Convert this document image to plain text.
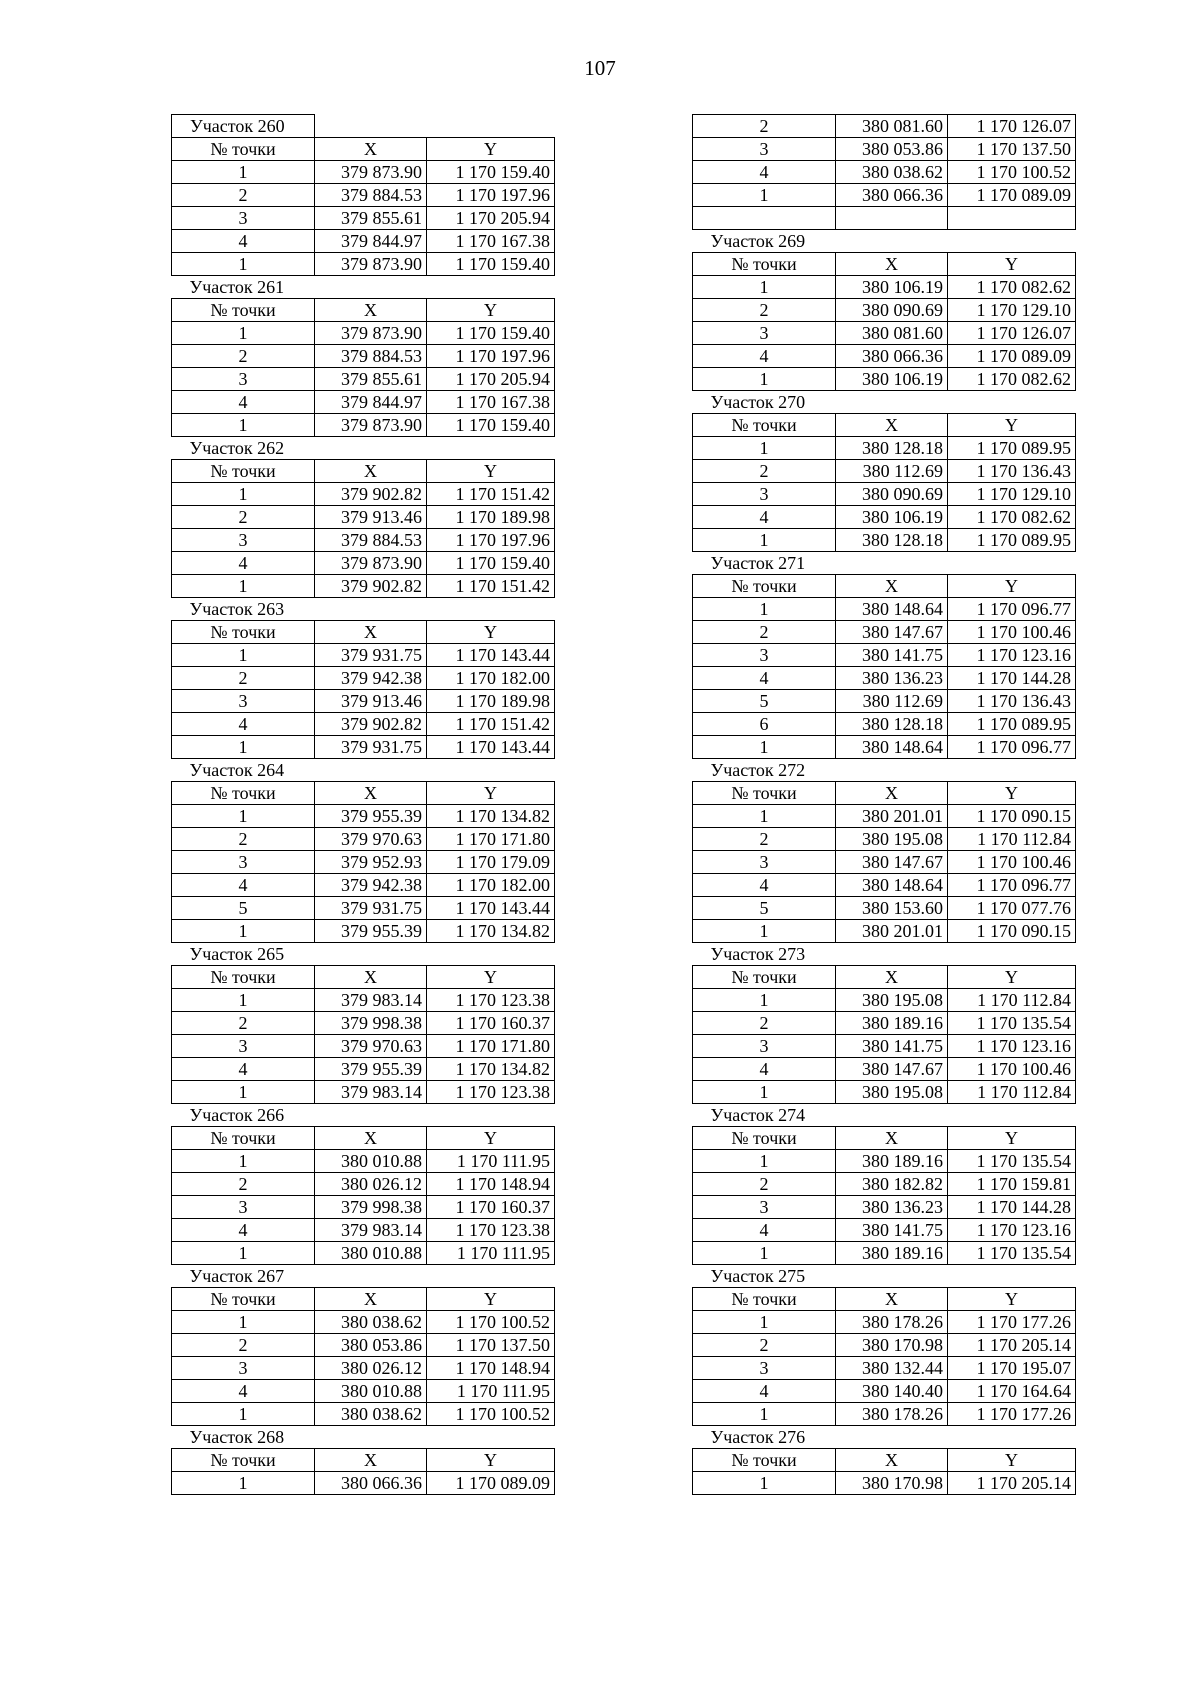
107
Участок 260		
№ точки	X	Y
1	379 873.90	1 170 159.40
2	379 884.53	1 170 197.96
3	379 855.61	1 170 205.94
4	379 844.97	1 170 167.38
1	379 873.90	1 170 159.40
Участок 261		
№ точки	X	Y
1	379 873.90	1 170 159.40
2	379 884.53	1 170 197.96
3	379 855.61	1 170 205.94
4	379 844.97	1 170 167.38
1	379 873.90	1 170 159.40
Участок 262		
№ точки	X	Y
1	379 902.82	1 170 151.42
2	379 913.46	1 170 189.98
3	379 884.53	1 170 197.96
4	379 873.90	1 170 159.40
1	379 902.82	1 170 151.42
Участок 263		
№ точки	X	Y
1	379 931.75	1 170 143.44
2	379 942.38	1 170 182.00
3	379 913.46	1 170 189.98
4	379 902.82	1 170 151.42
1	379 931.75	1 170 143.44
Участок 264		
№ точки	X	Y
1	379 955.39	1 170 134.82
2	379 970.63	1 170 171.80
3	379 952.93	1 170 179.09
4	379 942.38	1 170 182.00
5	379 931.75	1 170 143.44
1	379 955.39	1 170 134.82
Участок 265		
№ точки	X	Y
1	379 983.14	1 170 123.38
2	379 998.38	1 170 160.37
3	379 970.63	1 170 171.80
4	379 955.39	1 170 134.82
1	379 983.14	1 170 123.38
Участок 266		
№ точки	X	Y
1	380 010.88	1 170 111.95
2	380 026.12	1 170 148.94
3	379 998.38	1 170 160.37
4	379 983.14	1 170 123.38
1	380 010.88	1 170 111.95
Участок 267		
№ точки	X	Y
1	380 038.62	1 170 100.52
2	380 053.86	1 170 137.50
3	380 026.12	1 170 148.94
4	380 010.88	1 170 111.95
1	380 038.62	1 170 100.52
Участок 268		
№ точки	X	Y
1	380 066.36	1 170 089.09
2	380 081.60	1 170 126.07
3	380 053.86	1 170 137.50
4	380 038.62	1 170 100.52
1	380 066.36	1 170 089.09

Участок 269		
№ точки	X	Y
1	380 106.19	1 170 082.62
2	380 090.69	1 170 129.10
3	380 081.60	1 170 126.07
4	380 066.36	1 170 089.09
1	380 106.19	1 170 082.62
Участок 270		
№ точки	X	Y
1	380 128.18	1 170 089.95
2	380 112.69	1 170 136.43
3	380 090.69	1 170 129.10
4	380 106.19	1 170 082.62
1	380 128.18	1 170 089.95
Участок 271		
№ точки	X	Y
1	380 148.64	1 170 096.77
2	380 147.67	1 170 100.46
3	380 141.75	1 170 123.16
4	380 136.23	1 170 144.28
5	380 112.69	1 170 136.43
6	380 128.18	1 170 089.95
1	380 148.64	1 170 096.77
Участок 272		
№ точки	X	Y
1	380 201.01	1 170 090.15
2	380 195.08	1 170 112.84
3	380 147.67	1 170 100.46
4	380 148.64	1 170 096.77
5	380 153.60	1 170 077.76
1	380 201.01	1 170 090.15
Участок 273		
№ точки	X	Y
1	380 195.08	1 170 112.84
2	380 189.16	1 170 135.54
3	380 141.75	1 170 123.16
4	380 147.67	1 170 100.46
1	380 195.08	1 170 112.84
Участок 274		
№ точки	X	Y
1	380 189.16	1 170 135.54
2	380 182.82	1 170 159.81
3	380 136.23	1 170 144.28
4	380 141.75	1 170 123.16
1	380 189.16	1 170 135.54
Участок 275		
№ точки	X	Y
1	380 178.26	1 170 177.26
2	380 170.98	1 170 205.14
3	380 132.44	1 170 195.07
4	380 140.40	1 170 164.64
1	380 178.26	1 170 177.26
Участок 276		
№ точки	X	Y
1	380 170.98	1 170 205.14
